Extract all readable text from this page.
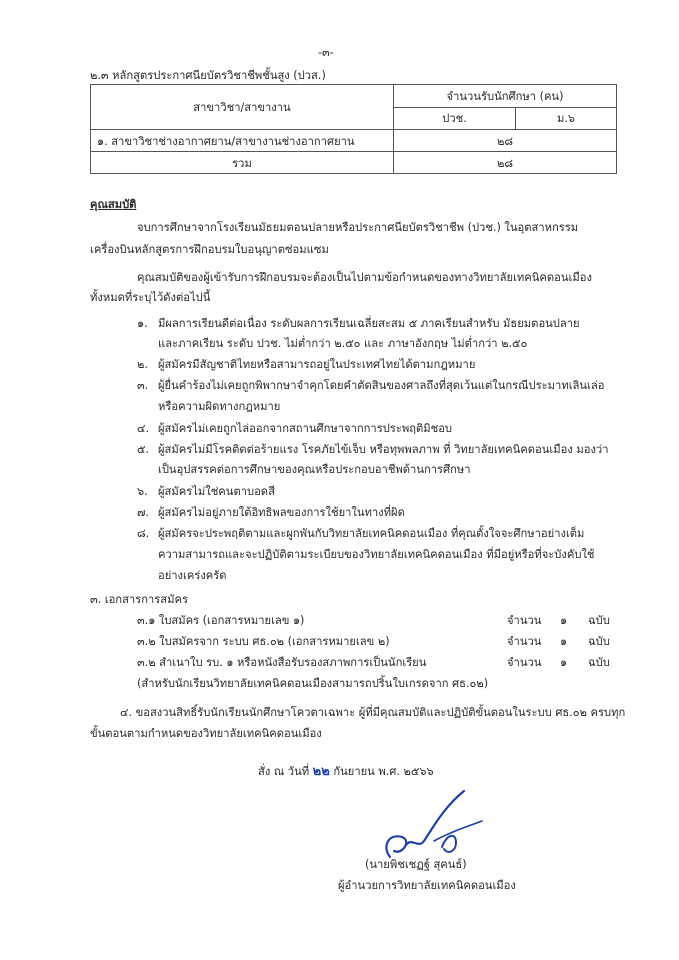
-๓-
๒.๓ หลักสูตรประกาศนียบัตรวิชาชีพชั้นสูง (ปวส.)
สาขาวิชา/สาขางาน	จำนวนรับนักศึกษา (คน)	
	ปวช.	ม.๖
๑. สาขาวิชาช่างอากาศยาน/สาขางานช่างอากาศยาน	๒๘	
รวม	๒๘	
คุณสมบัติ
จบการศึกษาจากโรงเรียนมัธยมตอนปลายหรือประกาศนียบัตรวิชาชีพ (ปวช.) ในอุตสาหกรรม
เครื่องบินหลักสูตรการฝึกอบรมใบอนุญาตซ่อมแซม
คุณสมบัติของผู้เข้ารับการฝึกอบรมจะต้องเป็นไปตามข้อกำหนดของทางวิทยาลัยเทคนิคดอนเมือง
ทั้งหมดที่ระบุไว้ดังต่อไปนี้
๑. มีผลการเรียนดีต่อเนื่อง ระดับผลการเรียนเฉลี่ยสะสม ๕ ภาคเรียนสำหรับ มัธยมตอนปลาย
และภาคเรียน ระดับ ปวช. ไม่ต่ำกว่า ๒.๕๐ และ ภาษาอังกฤษ ไม่ต่ำกว่า ๒.๕๐
๒. ผู้สมัครมีสัญชาติไทยหรือสามารถอยู่ในประเทศไทยได้ตามกฎหมาย
๓. ผู้ยื่นคำร้องไม่เคยถูกพิพากษาจำคุกโดยคำตัดสินของศาลถึงที่สุดเว้นแต่ในกรณีประมาทเลินเล่อ
หรือความผิดทางกฎหมาย
๔. ผู้สมัครไม่เคยถูกไล่ออกจากสถานศึกษาจากการประพฤติมิชอบ
๕. ผู้สมัครไม่มีโรคติดต่อร้ายแรง โรคภัยไข้เจ็บ หรือทุพพลภาพ ที่ วิทยาลัยเทคนิคดอนเมือง มองว่า
เป็นอุปสรรคต่อการศึกษาของคุณหรือประกอบอาชีพด้านการศึกษา
๖. ผู้สมัครไม่ใช่คนตาบอดสี
๗. ผู้สมัครไม่อยู่ภายใต้อิทธิพลของการใช้ยาในทางที่ผิด
๘. ผู้สมัครจะประพฤติตามและผูกพันกับวิทยาลัยเทคนิคดอนเมือง ที่คุณตั้งใจจะศึกษาอย่างเต็ม
ความสามารถและจะปฏิบัติตามระเบียบของวิทยาลัยเทคนิคดอนเมือง ที่มีอยู่หรือที่จะบังคับใช้
อย่างเคร่งครัด
๓. เอกสารการสมัคร
๓.๑ ใบสมัคร (เอกสารหมายเลข ๑)	จำนวน ๑ ฉบับ
๓.๒ ใบสมัครจาก ระบบ ศธ.๐๒ (เอกสารหมายเลข ๒)	จำนวน ๑ ฉบับ
๓.๒ สำเนาใบ รบ. ๑ หรือหนังสือรับรองสภาพการเป็นนักเรียน	จำนวน ๑ ฉบับ
(สำหรับนักเรียนวิทยาลัยเทคนิคดอนเมืองสามารถปริ้นใบเกรดจาก ศธ.๐๒)
๔. ขอสงวนสิทธิ์รับนักเรียนนักศึกษาโควตาเฉพาะ ผู้ที่มีคุณสมบัติและปฏิบัติขั้นตอนในระบบ ศธ.๐๒ ครบทุก
ขั้นตอนตามกำหนดของวิทยาลัยเทคนิคดอนเมือง
สั่ง ณ วันที่ ๒๒ กันยายน พ.ศ. ๒๕๖๖
(นายพิชเชฏฐ์ สุคนธ์)
ผู้อำนวยการวิทยาลัยเทคนิคดอนเมือง
